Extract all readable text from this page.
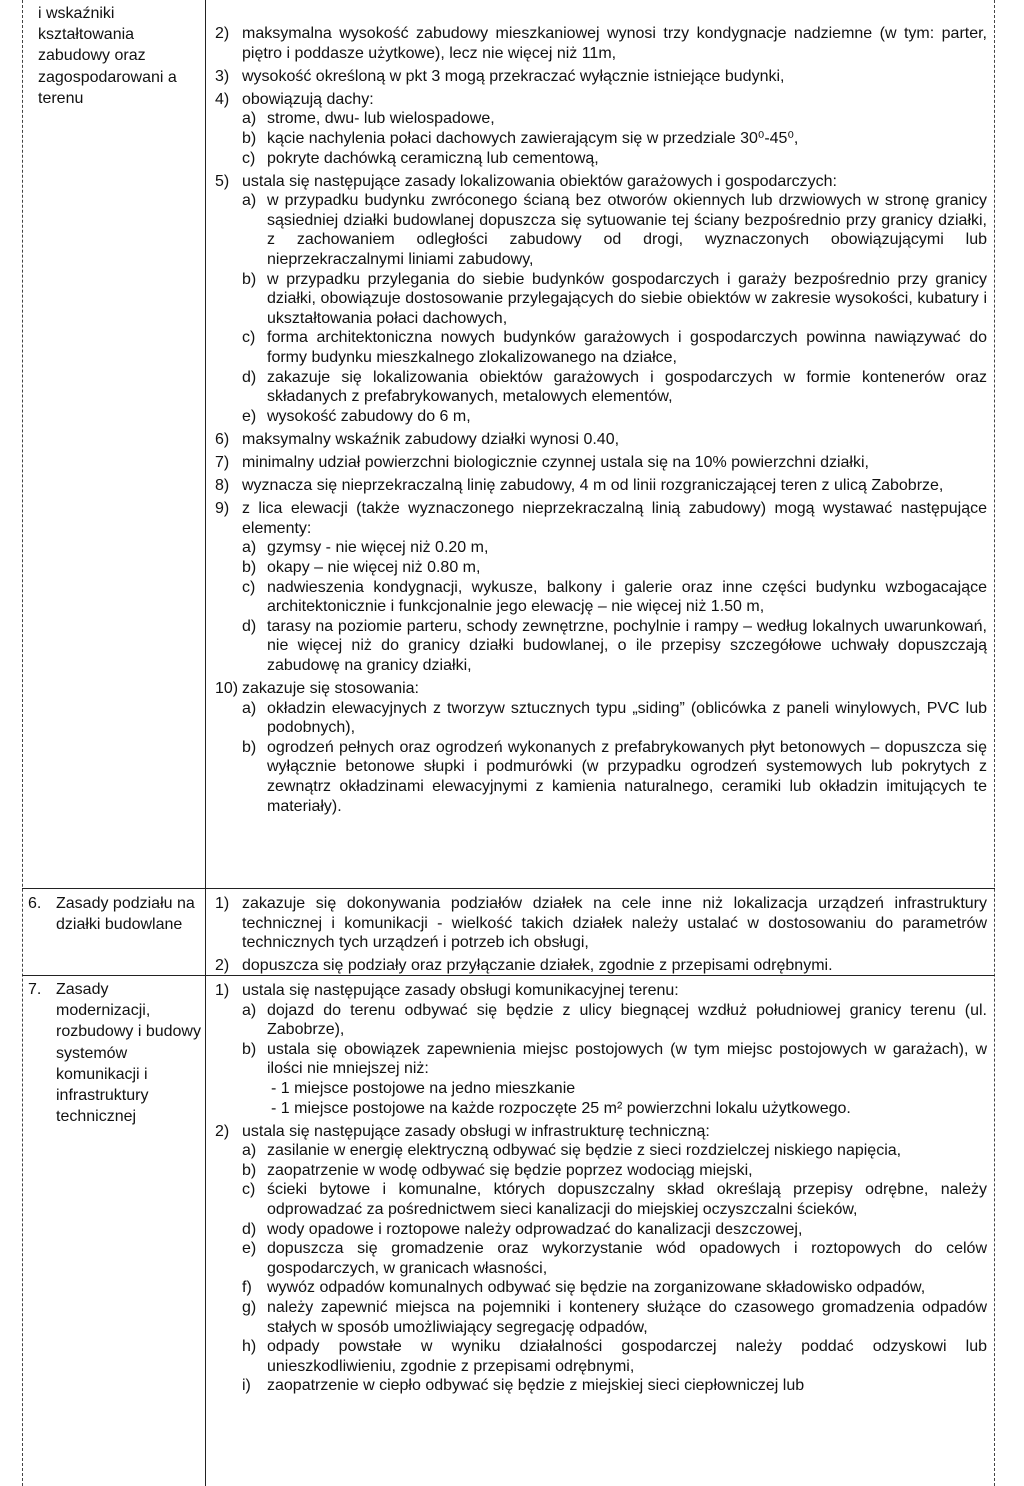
i wskaźniki kształtowania zabudowy oraz zagospodarowani a terenu
2) maksymalna wysokość zabudowy mieszkaniowej wynosi trzy kondygnacje nadziemne (w tym: parter, piętro i poddasze użytkowe), lecz nie więcej niż 11m,
3) wysokość określoną w pkt 3 mogą przekraczać wyłącznie istniejące budynki,
4) obowiązują dachy:
a) strome, dwu- lub wielospadowe,
b) kącie nachylenia połaci dachowych zawierającym się w przedziale 30⁰-45⁰,
c) pokryte dachówką ceramiczną lub cementową,
5) ustala się następujące zasady lokalizowania obiektów garażowych i gospodarczych:
a) w przypadku budynku zwróconego ścianą bez otworów okiennych lub drzwiowych w stronę granicy sąsiedniej działki budowlanej dopuszcza się sytuowanie tej ściany bezpośrednio przy granicy działki, z zachowaniem odległości zabudowy od drogi, wyznaczonych obowiązującymi lub nieprzekraczalnymi liniami zabudowy,
b) w przypadku przylegania do siebie budynków gospodarczych i garaży bezpośrednio przy granicy działki, obowiązuje dostosowanie przylegających do siebie obiektów w zakresie wysokości, kubatury i ukształtowania połaci dachowych,
c) forma architektoniczna nowych budynków garażowych i gospodarczych powinna nawiązywać do formy budynku mieszkalnego zlokalizowanego na działce,
d) zakazuje się lokalizowania obiektów garażowych i gospodarczych w formie kontenerów oraz składanych z prefabrykowanych, metalowych elementów,
e) wysokość zabudowy do 6 m,
6) maksymalny wskaźnik zabudowy działki wynosi 0.40,
7) minimalny udział powierzchni biologicznie czynnej ustala się na 10% powierzchni działki,
8) wyznacza się nieprzekraczalną linię zabudowy, 4 m od linii rozgraniczającej teren z ulicą Zabobrze,
9) z lica elewacji (także wyznaczonego nieprzekraczalną linią zabudowy) mogą wystawać następujące elementy:
a) gzymsy - nie więcej niż 0.20 m,
b) okapy – nie więcej niż 0.80 m,
c) nadwieszenia kondygnacji, wykusze, balkony i galerie oraz inne części budynku wzbogacające architektonicznie i funkcjonalnie jego elewację – nie więcej niż 1.50 m,
d) tarasy na poziomie parteru, schody zewnętrzne, pochylnie i rampy – według lokalnych uwarunkowań, nie więcej niż do granicy działki budowlanej, o ile przepisy szczegółowe uchwały dopuszczają zabudowę na granicy działki,
10) zakazuje się stosowania:
a) okładzin elewacyjnych z tworzyw sztucznych typu „siding” (oblicówka z paneli winylowych, PVC lub podobnych),
b) ogrodzeń pełnych oraz ogrodzeń wykonanych z prefabrykowanych płyt betonowych – dopuszcza się wyłącznie betonowe słupki i podmurówki (w przypadku ogrodzeń systemowych lub pokrytych z zewnątrz okładzinami elewacyjnymi z kamienia naturalnego, ceramiki lub okładzin imitujących te materiały).
6. Zasady podziału na działki budowlane
1) zakazuje się dokonywania podziałów działek na cele inne niż lokalizacja urządzeń infrastruktury technicznej i komunikacji - wielkość takich działek należy ustalać w dostosowaniu do parametrów technicznych tych urządzeń i potrzeb ich obsługi,
2) dopuszcza się podziały oraz przyłączanie działek, zgodnie z przepisami odrębnymi.
7. Zasady modernizacji, rozbudowy i budowy systemów komunikacji i infrastruktury technicznej
1) ustala się następujące zasady obsługi komunikacyjnej terenu:
a) dojazd do terenu odbywać się będzie z ulicy biegnącej wzdłuż południowej granicy terenu (ul. Zabobrze),
b) ustala się obowiązek zapewnienia miejsc postojowych (w tym miejsc postojowych w garażach), w ilości nie mniejszej niż:
- 1 miejsce postojowe na jedno mieszkanie
- 1 miejsce postojowe na każde rozpoczęte 25 m² powierzchni lokalu użytkowego.
2) ustala się następujące zasady obsługi w infrastrukturę techniczną:
a) zasilanie w energię elektryczną odbywać się będzie z sieci rozdzielczej niskiego napięcia,
b) zaopatrzenie w wodę odbywać się będzie poprzez wodociąg miejski,
c) ścieki bytowe i komunalne, których dopuszczalny skład określają przepisy odrębne, należy odprowadzać za pośrednictwem sieci kanalizacji do miejskiej oczyszczalni ścieków,
d) wody opadowe i roztopowe należy odprowadzać do kanalizacji deszczowej,
e) dopuszcza się gromadzenie oraz wykorzystanie wód opadowych i roztopowych do celów gospodarczych, w granicach własności,
f) wywóz odpadów komunalnych odbywać się będzie na zorganizowane składowisko odpadów,
g) należy zapewnić miejsca na pojemniki i kontenery służące do czasowego gromadzenia odpadów stałych w sposób umożliwiający segregację odpadów,
h) odpady powstałe w wyniku działalności gospodarczej należy poddać odzyskowi lub unieszkodliwieniu, zgodnie z przepisami odrębnymi,
i) zaopatrzenie w ciepło odbywać się będzie z miejskiej sieci ciepłowniczej lub
